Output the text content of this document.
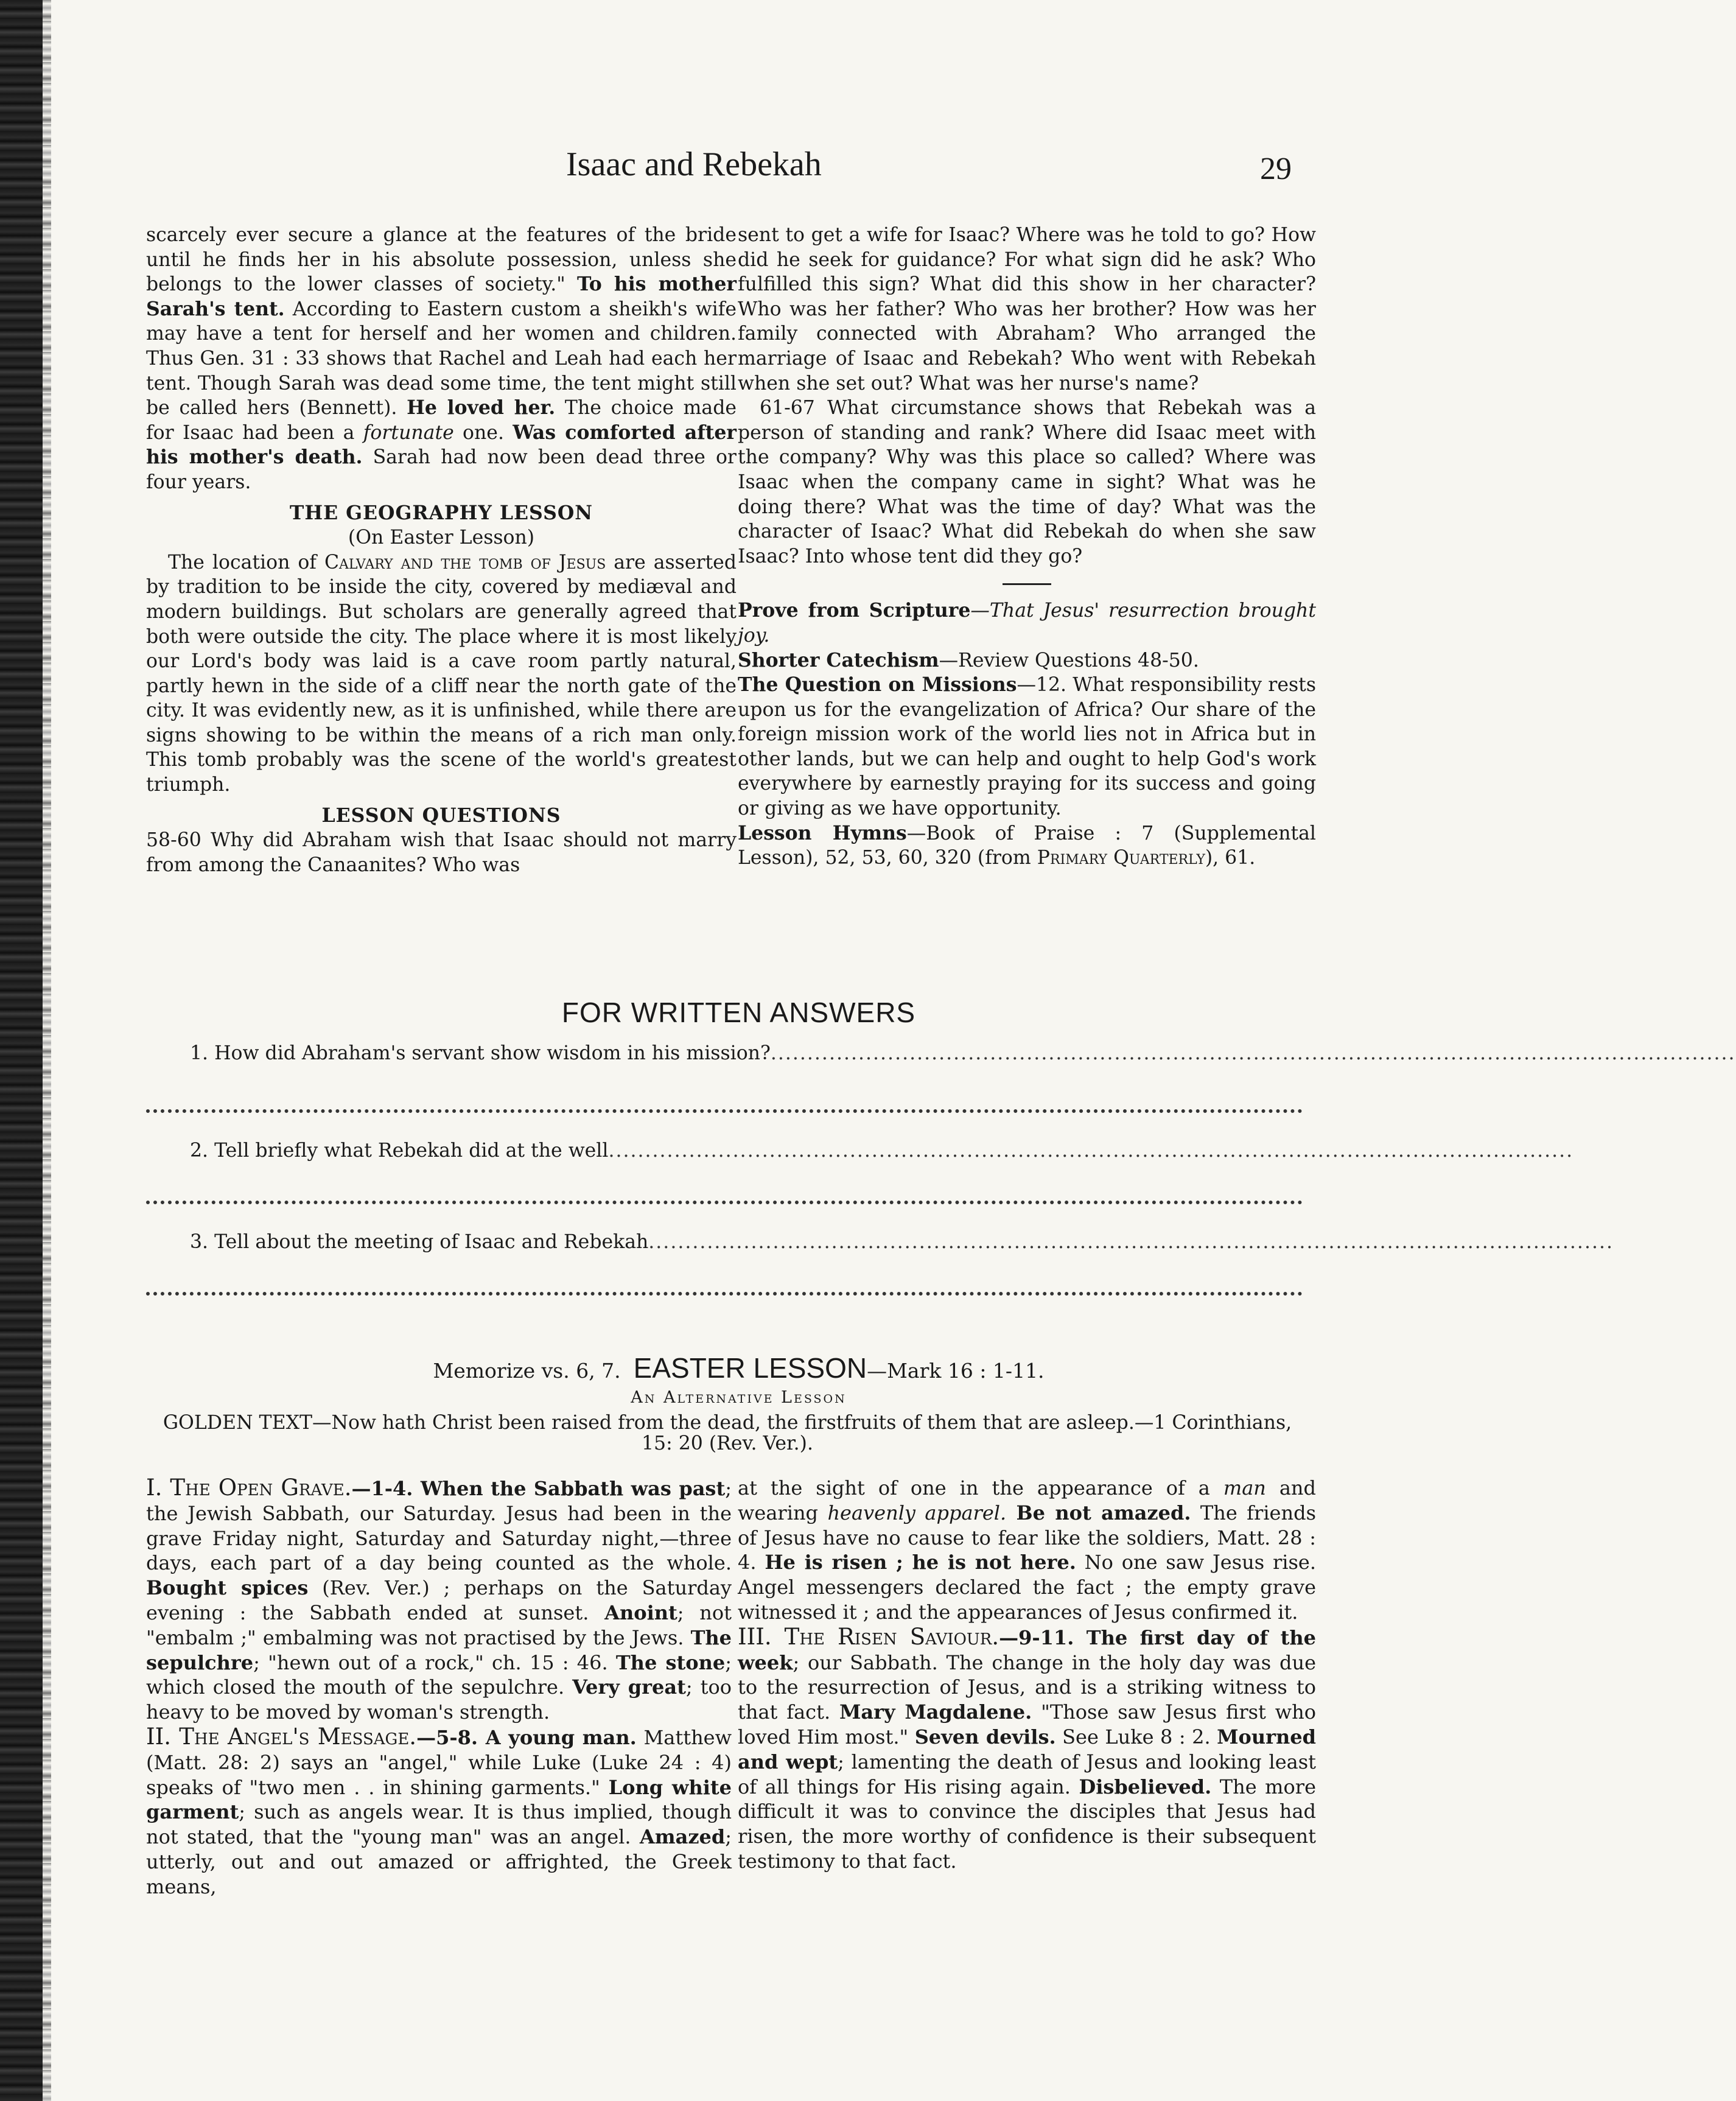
Isaac and Rebekah	29

scarcely ever secure a glance at the features of the bride until he finds her in his absolute possession, unless she belongs to the lower classes of society." To his mother Sarah's tent. According to Eastern custom a sheikh's wife may have a tent for herself and her women and children. Thus Gen. 31 : 33 shows that Rachel and Leah had each her tent. Though Sarah was dead some time, the tent might still be called hers (Bennett). He loved her. The choice made for Isaac had been a fortunate one. Was comforted after his mother's death. Sarah had now been dead three or four years.

THE GEOGRAPHY LESSON

(On Easter Lesson)

The location of Calvary and the tomb of Jesus are asserted by tradition to be inside the city, covered by mediæval and modern buildings. But scholars are generally agreed that both were outside the city. The place where it is most likely our Lord's body was laid is a cave room partly natural, partly hewn in the side of a cliff near the north gate of the city. It was evidently new, as it is unfinished, while there are signs showing to be within the means of a rich man only. This tomb probably was the scene of the world's greatest triumph.

LESSON QUESTIONS

58-60 Why did Abraham wish that Isaac should not marry from among the Canaanites? Who was

sent to get a wife for Isaac? Where was he told to go? How did he seek for guidance? For what sign did he ask? Who fulfilled this sign? What did this show in her character? Who was her father? Who was her brother? How was her family connected with Abraham? Who arranged the marriage of Isaac and Rebekah? Who went with Rebekah when she set out? What was her nurse's name?

61-67 What circumstance shows that Rebekah was a person of standing and rank? Where did Isaac meet with the company? Why was this place so called? Where was Isaac when the company came in sight? What was he doing there? What was the time of day? What was the character of Isaac? What did Rebekah do when she saw Isaac? Into whose tent did they go?

Prove from Scripture—That Jesus' resurrection brought joy.

Shorter Catechism—Review Questions 48-50.

The Question on Missions—12. What responsibility rests upon us for the evangelization of Africa? Our share of the foreign mission work of the world lies not in Africa but in other lands, but we can help and ought to help God's work everywhere by earnestly praying for its success and going or giving as we have opportunity.

Lesson Hymns—Book of Praise : 7 (Supplemental Lesson), 52, 53, 60, 320 (from Primary Quarterly), 61.

FOR WRITTEN ANSWERS
1. How did Abraham's servant show wisdom in his mission?....................................................................................................................................
2. Tell briefly what Rebekah did at the well....................................................................................................................................
3. Tell about the meeting of Isaac and Rebekah....................................................................................................................................
Memorize vs. 6, 7. EASTER LESSON—Mark 16 : 1-11.
An Alternative Lesson
GOLDEN TEXT—Now hath Christ been raised from the dead, the firstfruits of them that are asleep.—1 Corinthians, 15: 20 (Rev. Ver.).

I. The Open Grave.—1-4. When the Sabbath was past; the Jewish Sabbath, our Saturday. Jesus had been in the grave Friday night, Saturday and Saturday night,—three days, each part of a day being counted as the whole. Bought spices (Rev. Ver.) ; perhaps on the Saturday evening : the Sabbath ended at sunset. Anoint; not "embalm ;" embalming was not practised by the Jews. The sepulchre; "hewn out of a rock," ch. 15 : 46. The stone; which closed the mouth of the sepulchre. Very great; too heavy to be moved by woman's strength.

II. The Angel's Message.—5-8. A young man. Matthew (Matt. 28: 2) says an "angel," while Luke (Luke 24 : 4) speaks of "two men . . in shining garments." Long white garment; such as angels wear. It is thus implied, though not stated, that the "young man" was an angel. Amazed; utterly, out and out amazed or affrighted, the Greek means,

at the sight of one in the appearance of a man and wearing heavenly apparel. Be not amazed. The friends of Jesus have no cause to fear like the soldiers, Matt. 28 : 4. He is risen ; he is not here. No one saw Jesus rise. Angel messengers declared the fact ; the empty grave witnessed it ; and the appearances of Jesus confirmed it.

III. The Risen Saviour.—9-11. The first day of the week; our Sabbath. The change in the holy day was due to the resurrection of Jesus, and is a striking witness to that fact. Mary Magdalene. "Those saw Jesus first who loved Him most." Seven devils. See Luke 8 : 2. Mourned and wept; lamenting the death of Jesus and looking least of all things for His rising again. Disbelieved. The more difficult it was to convince the disciples that Jesus had risen, the more worthy of confidence is their subsequent testimony to that fact.
